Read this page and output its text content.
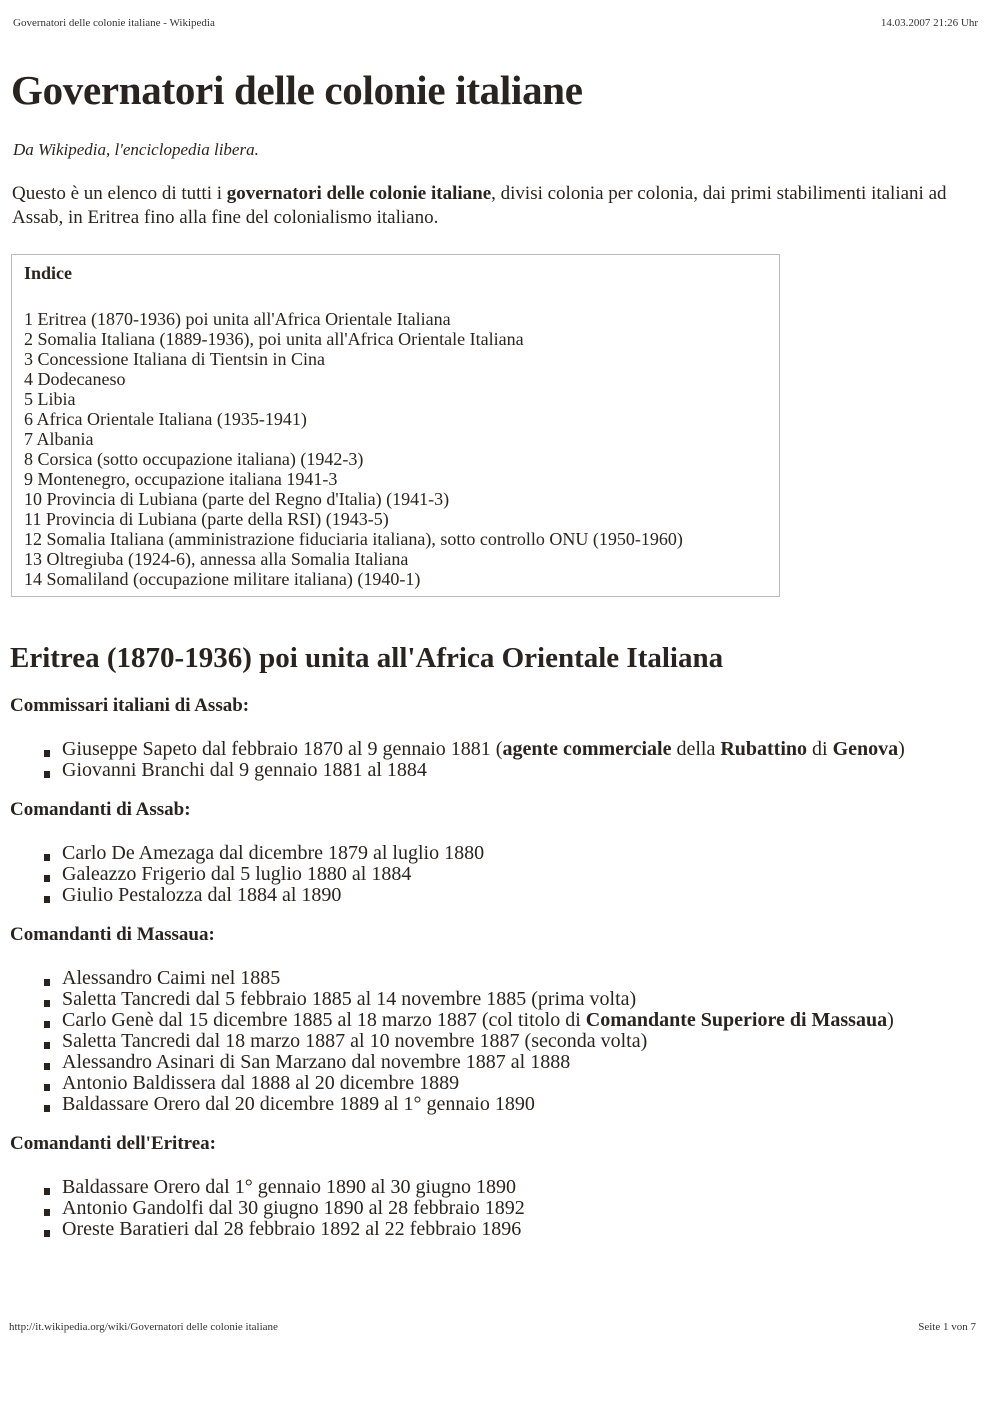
Governatori delle colonie italiane - Wikipedia	14.03.2007 21:26 Uhr
Governatori delle colonie italiane
Da Wikipedia, l'enciclopedia libera.
Questo è un elenco di tutti i governatori delle colonie italiane, divisi colonia per colonia, dai primi stabilimenti italiani ad Assab, in Eritrea fino alla fine del colonialismo italiano.
Indice
1 Eritrea (1870-1936) poi unita all'Africa Orientale Italiana
2 Somalia Italiana (1889-1936), poi unita all'Africa Orientale Italiana
3 Concessione Italiana di Tientsin in Cina
4 Dodecaneso
5 Libia
6 Africa Orientale Italiana (1935-1941)
7 Albania
8 Corsica (sotto occupazione italiana) (1942-3)
9 Montenegro, occupazione italiana 1941-3
10 Provincia di Lubiana (parte del Regno d'Italia) (1941-3)
11 Provincia di Lubiana (parte della RSI) (1943-5)
12 Somalia Italiana (amministrazione fiduciaria italiana), sotto controllo ONU (1950-1960)
13 Oltregiuba (1924-6), annessa alla Somalia Italiana
14 Somaliland (occupazione militare italiana) (1940-1)
Eritrea (1870-1936) poi unita all'Africa Orientale Italiana
Commissari italiani di Assab:
Giuseppe Sapeto dal febbraio 1870 al 9 gennaio 1881 (agente commerciale della Rubattino di Genova)
Giovanni Branchi dal 9 gennaio 1881 al 1884
Comandanti di Assab:
Carlo De Amezaga dal dicembre 1879 al luglio 1880
Galeazzo Frigerio dal 5 luglio 1880 al 1884
Giulio Pestalozza dal 1884 al 1890
Comandanti di Massaua:
Alessandro Caimi nel 1885
Saletta Tancredi dal 5 febbraio 1885 al 14 novembre 1885 (prima volta)
Carlo Genè dal 15 dicembre 1885 al 18 marzo 1887 (col titolo di Comandante Superiore di Massaua)
Saletta Tancredi dal 18 marzo 1887 al 10 novembre 1887 (seconda volta)
Alessandro Asinari di San Marzano dal novembre 1887 al 1888
Antonio Baldissera dal 1888 al 20 dicembre 1889
Baldassare Orero dal 20 dicembre 1889 al 1° gennaio 1890
Comandanti dell'Eritrea:
Baldassare Orero dal 1° gennaio 1890 al 30 giugno 1890
Antonio Gandolfi dal 30 giugno 1890 al 28 febbraio 1892
Oreste Baratieri dal 28 febbraio 1892 al 22 febbraio 1896
http://it.wikipedia.org/wiki/Governatori delle colonie italiane	Seite 1 von 7
